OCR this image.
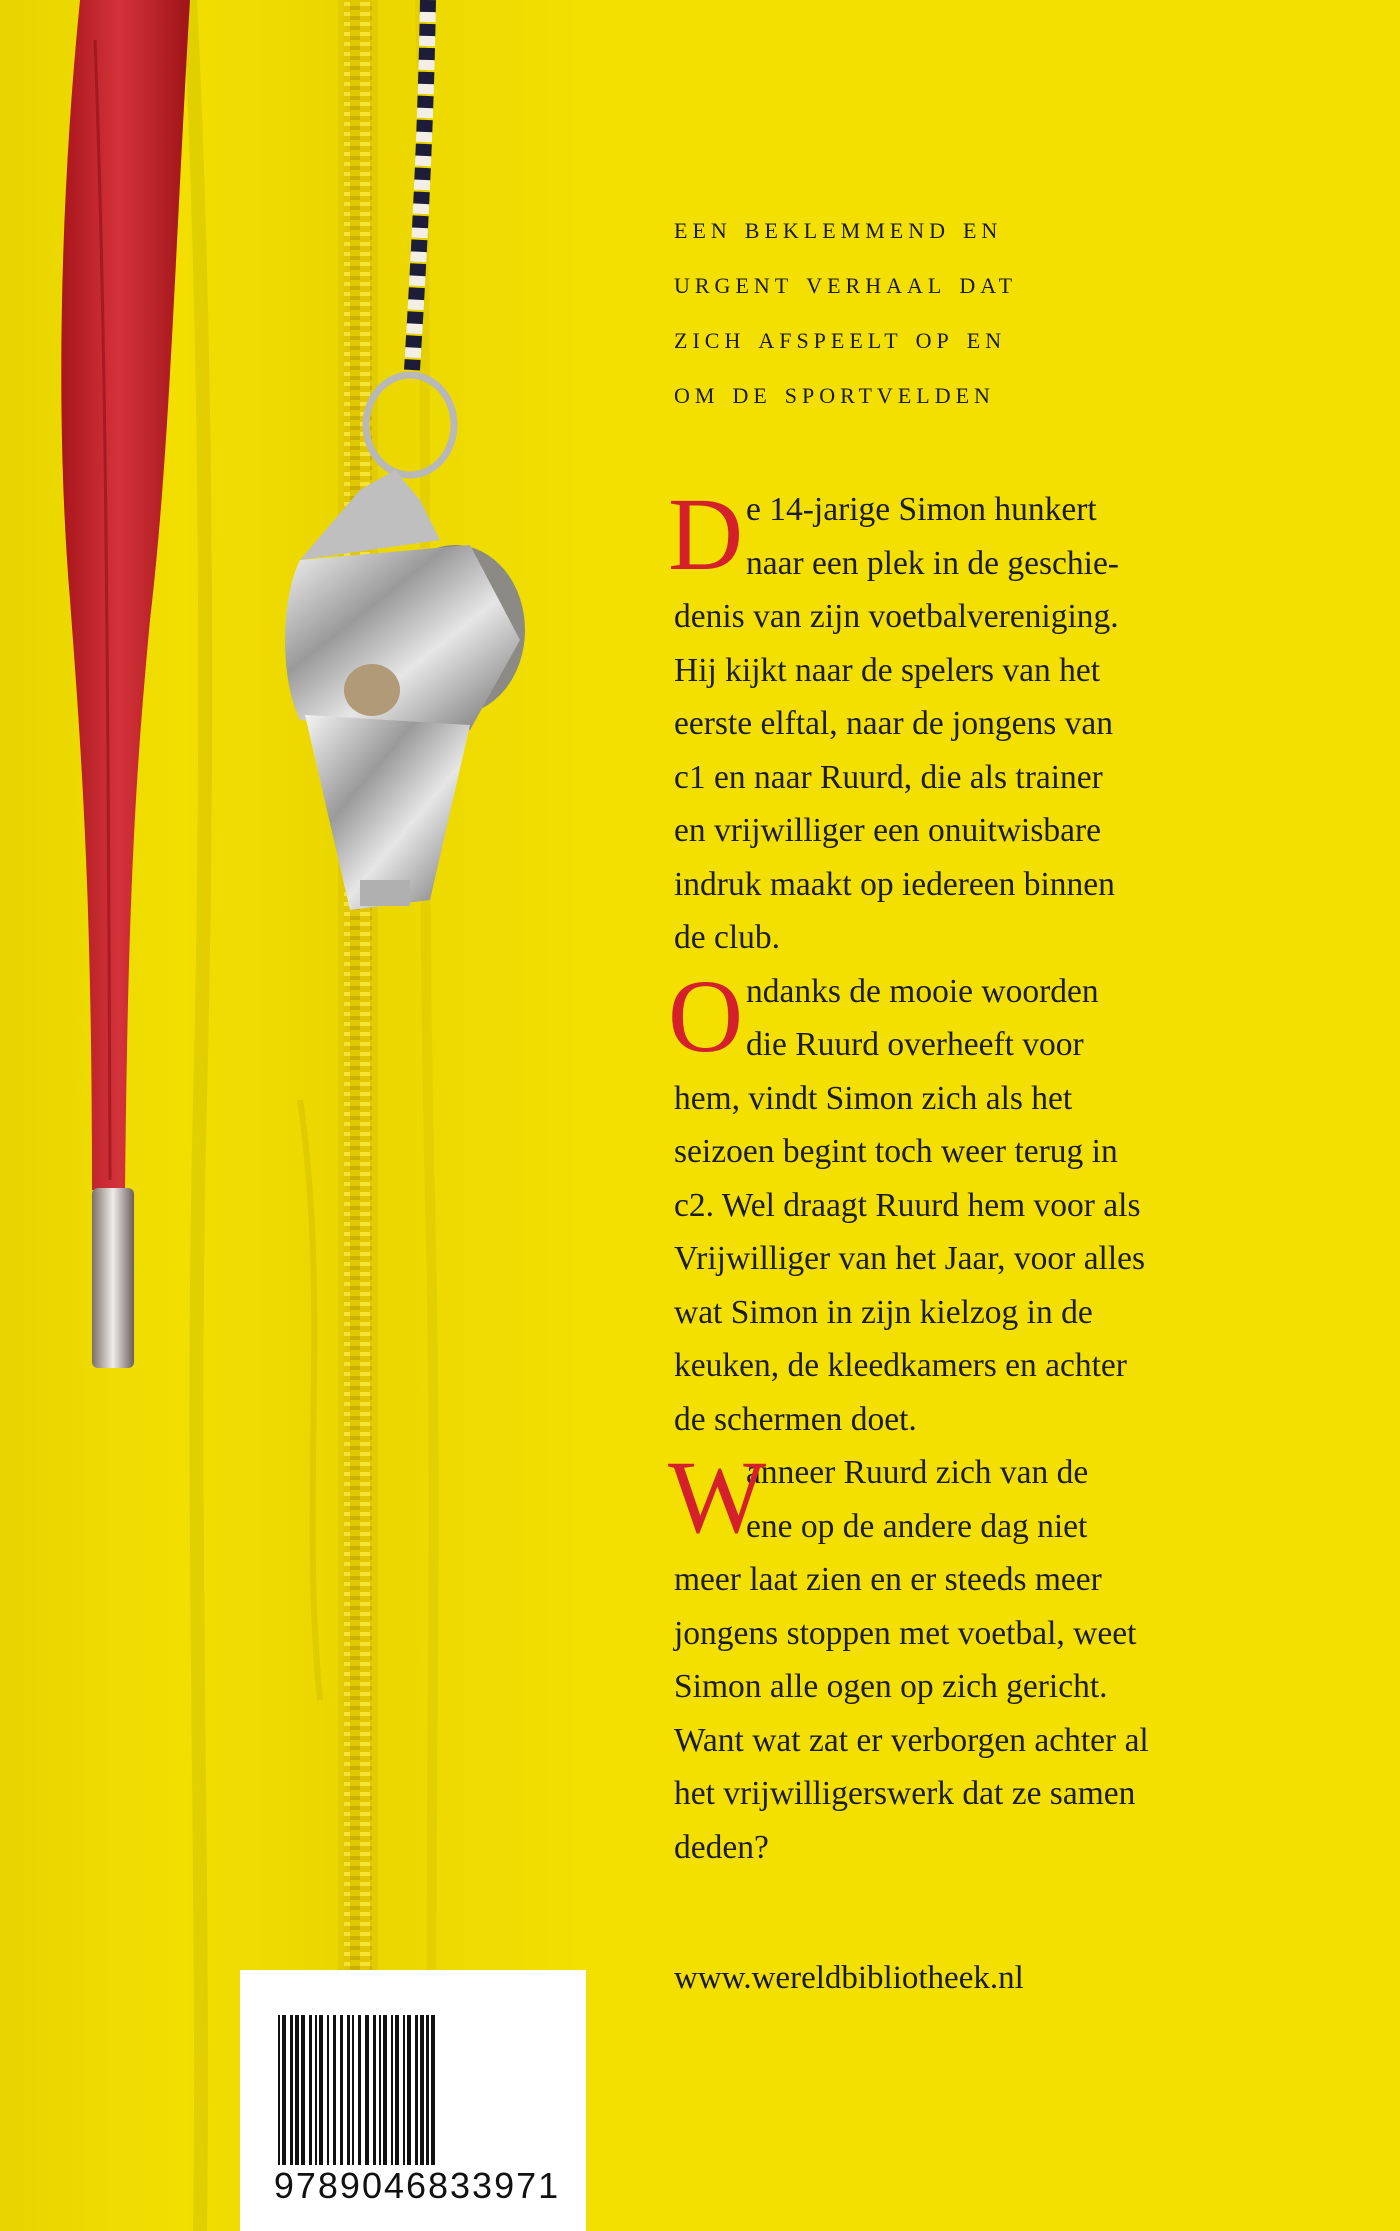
een beklemmend en
urgent verhaal dat
zich afspeelt op en
om de sportvelden
D e 14-jarige Simon hunkert
naar een plek in de geschie-
denis van zijn voetbalvereniging.
Hij kijkt naar de spelers van het
eerste elftal, naar de jongens van
c1 en naar Ruurd, die als trainer
en vrijwilliger een onuitwisbare
indruk maakt op iedereen binnen
de club.
O ndanks de mooie woorden
die Ruurd overheeft voor
hem, vindt Simon zich als het
seizoen begint toch weer terug in
c2. Wel draagt Ruurd hem voor als
Vrijwilliger van het Jaar, voor alles
wat Simon in zijn kielzog in de
keuken, de kleedkamers en achter
de schermen doet.
W
anneer Ruurd zich van de
ene op de andere dag niet
meer laat zien en er steeds meer
jongens stoppen met voetbal, weet
Simon alle ogen op zich gericht.
Want wat zat er verborgen achter al
het vrijwilligerswerk dat ze samen
deden?
www.wereldbibliotheek.nl
9789046833971
